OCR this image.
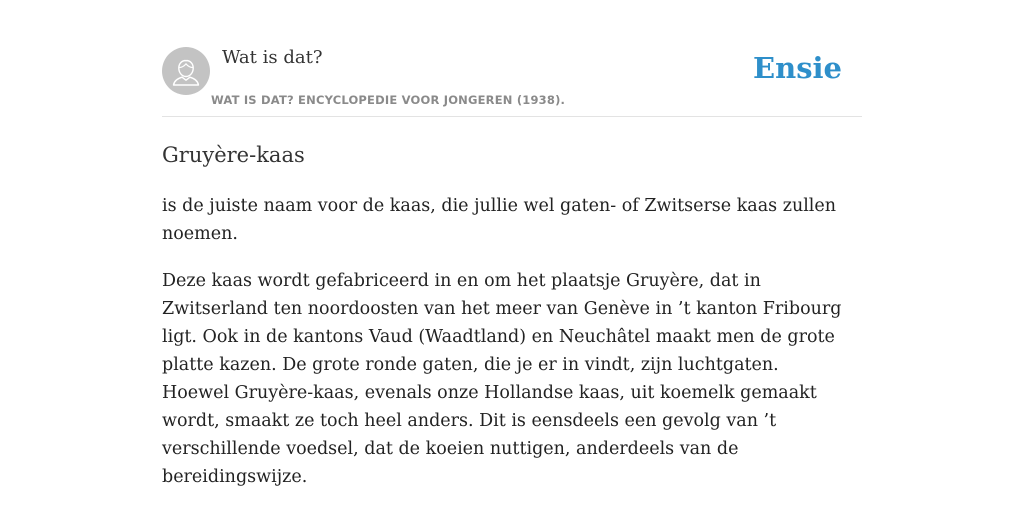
Wat is dat?
WAT IS DAT? ENCYCLOPEDIE VOOR JONGEREN (1938).
Ensie
Gruyère-kaas

is de juiste naam voor de kaas, die jullie wel gaten- of Zwitserse kaas zullen noemen.

Deze kaas wordt gefabriceerd in en om het plaatsje Gruyère, dat in Zwitserland ten noordoosten van het meer van Genève in ’t kanton Fribourg ligt. Ook in de kantons Vaud (Waadtland) en Neuchâtel maakt men de grote platte kazen. De grote ronde gaten, die je er in vindt, zijn luchtgaten.

Hoewel Gruyère-kaas, evenals onze Hollandse kaas, uit koemelk gemaakt wordt, smaakt ze toch heel anders. Dit is eensdeels een gevolg van ’t verschillende voedsel, dat de koeien nuttigen, anderdeels van de bereidingswijze.
